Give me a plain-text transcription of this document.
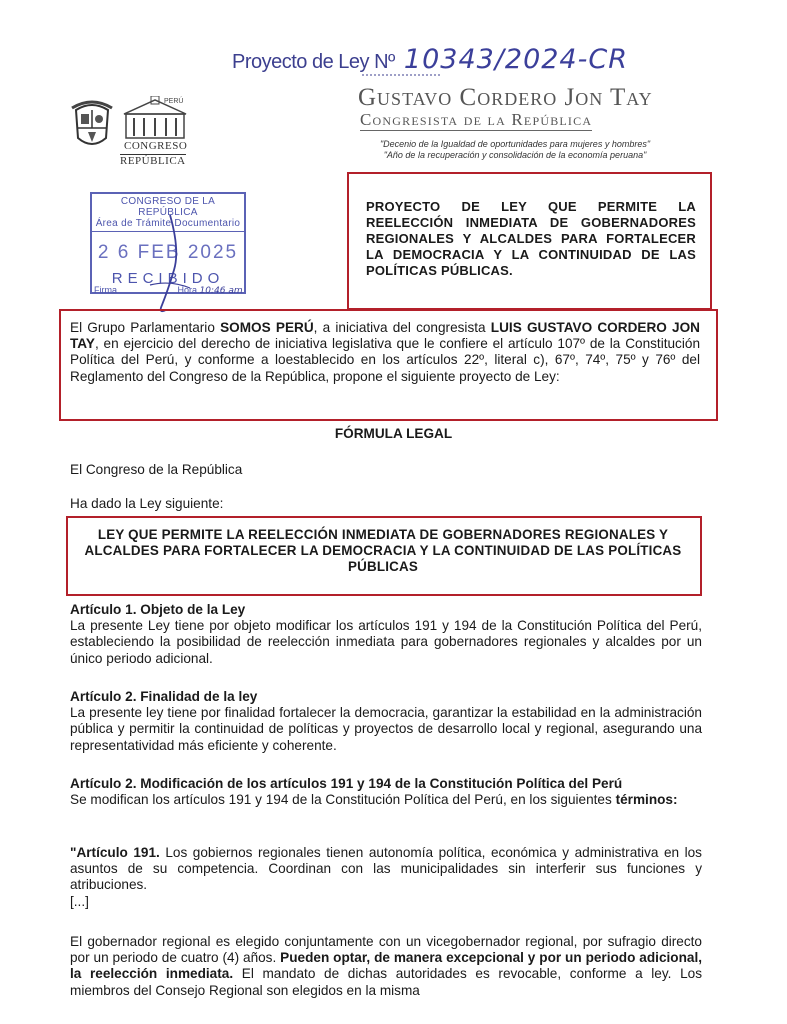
Proyecto de Ley Nº 10343/2024-CR
PERÚ
CONGRESO
REPÚBLICA
Gustavo Cordero Jon Tay
Congresista de la República
"Decenio de la Igualdad de oportunidades para mujeres y hombres"
"Año de la recuperación y consolidación de la economía peruana"
CONGRESO DE LA REPÚBLICA
Área de Trámite Documentario
2 6 FEB 2025
RECIBIDO
Firma	Hora 10:46 am
PROYECTO DE LEY QUE PERMITE LA REELECCIÓN INMEDIATA DE GOBERNADORES REGIONALES Y ALCALDES PARA FORTALECER LA DEMOCRACIA Y LA CONTINUIDAD DE LAS POLÍTICAS PÚBLICAS.
El Grupo Parlamentario SOMOS PERÚ, a iniciativa del congresista LUIS GUSTAVO CORDERO JON TAY, en ejercicio del derecho de iniciativa legislativa que le confiere el artículo 107º de la Constitución Política del Perú, y conforme a loestablecido en los artículos 22º, literal c), 67º, 74º, 75º y 76º del Reglamento del Congreso de la República, propone el siguiente proyecto de Ley:
FÓRMULA LEGAL
El Congreso de la República
Ha dado la Ley siguiente:
LEY QUE PERMITE LA REELECCIÓN INMEDIATA DE GOBERNADORES REGIONALES Y ALCALDES PARA FORTALECER LA DEMOCRACIA Y LA CONTINUIDAD DE LAS POLÍTICAS PÚBLICAS
Artículo 1. Objeto de la Ley
La presente Ley tiene por objeto modificar los artículos 191 y 194 de la Constitución Política del Perú, estableciendo la posibilidad de reelección inmediata para gobernadores regionales y alcaldes por un único periodo adicional.
Artículo 2. Finalidad de la ley
La presente ley tiene por finalidad fortalecer la democracia, garantizar la estabilidad en la administración pública y permitir la continuidad de políticas y proyectos de desarrollo local y regional, asegurando una representatividad más eficiente y coherente.
Artículo 2. Modificación de los artículos 191 y 194 de la Constitución Política del Perú
Se modifican los artículos 191 y 194 de la Constitución Política del Perú, en los siguientes términos:
"Artículo 191. Los gobiernos regionales tienen autonomía política, económica y administrativa en los asuntos de su competencia. Coordinan con las municipalidades sin interferir sus funciones y atribuciones.
[...]
El gobernador regional es elegido conjuntamente con un vicegobernador regional, por sufragio directo por un periodo de cuatro (4) años. Pueden optar, de manera excepcional y por un periodo adicional, la reelección inmediata. El mandato de dichas autoridades es revocable, conforme a ley. Los miembros del Consejo Regional son elegidos en la misma
